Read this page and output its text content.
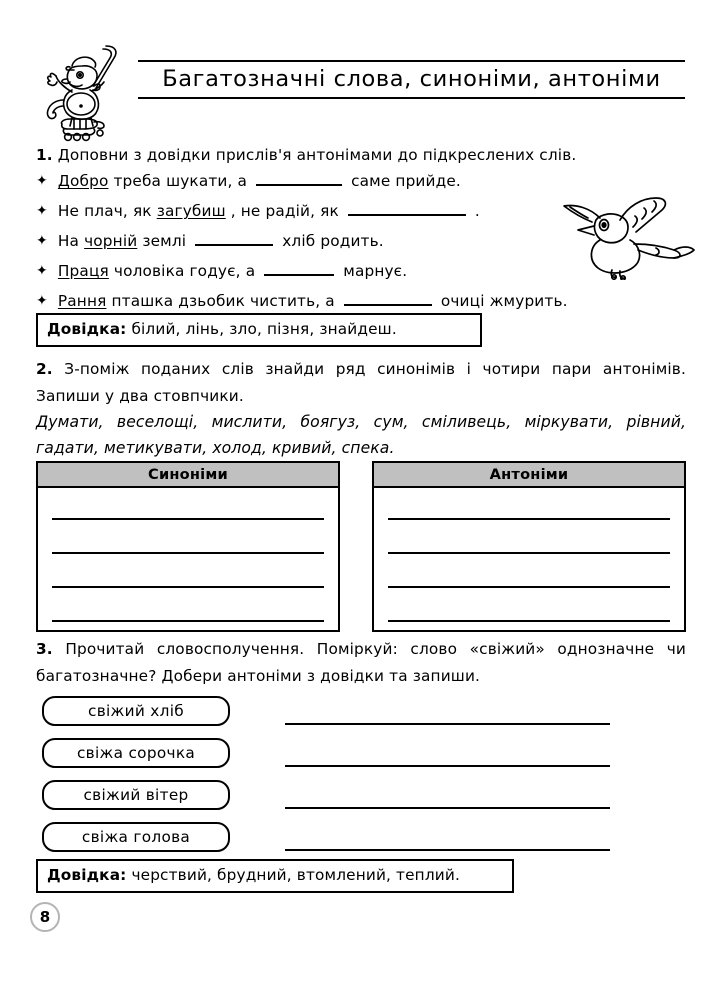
Багатозначні слова, синоніми, антоніми
1. Доповни з довідки прислів'я антонімами до підкреслених слів.
✦ Добро треба шукати, а	саме прийде.
✦ Не плач, як загубиш , не радій, як	.
✦ На чорній землі	хліб родить.
✦ Праця чоловіка годує, а	марнує.
✦ Рання пташка дзьобик чистить, а	очиці жмурить.
Довідка: білий, лінь, зло, пізня, знайдеш.
2. З-поміж поданих слів знайди ряд синонімів і чотири пари антонімів. Запиши у два стовпчики.
Думати, веселощі, мислити, боягуз, сум, смiливець, мiркувати, рівний, гадати, метикувати, холод, кривий, спека.
Синоніми	Антоніми
3. Прочитай словосполучення. Поміркуй: слово «свіжий» однозначне чи багатозначне? Добери антоніми з довідки та запиши.
свіжий хліб
свіжа сорочка
свіжий вітер
свіжа голова
Довідка: черствий, брудний, втомлений, теплий.
8
